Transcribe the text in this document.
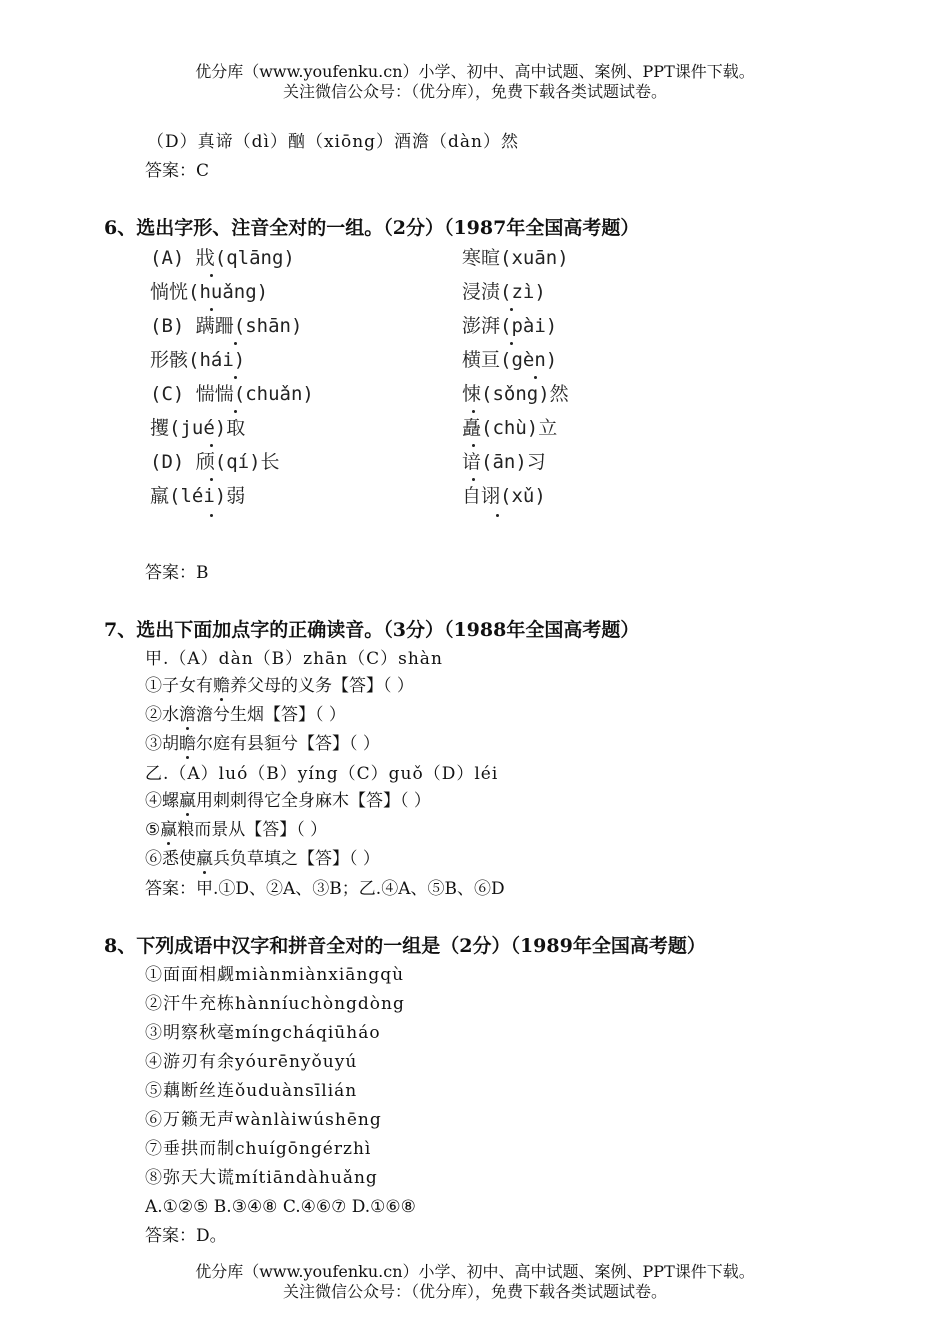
优分库（www.youfenku.cn）小学、初中、高中试题、案例、PPT课件下载。
关注微信公众号：（优分库），免费下载各类试题试卷。
（D）真谛（dì）酗（xiōng）酒澹（dàn）然
答案：C
6、选出字形、注音全对的一组。（2分）（1987年全国高考题）
(A) 戕(qlāng)	寒暄(xuān)
惝恍(huǎng)	浸渍(zì)
(B) 蹒跚(shān)	澎湃(pài)
形骸(hái)	横亘(gèn)
(C) 惴惴(chuǎn)	悚(sǒng)然
攫(jué)取	矗(chù)立
(D) 颀(qí)长	谙(ān)习
羸(léi)弱	自诩(xǔ)
答案：B
7、选出下面加点字的正确读音。（3分）（1988年全国高考题）
甲.（A）dàn（B）zhān（C）shàn
①子女有赡养父母的义务【答】（ ）
②水澹澹兮生烟【答】（ ）
③胡瞻尔庭有县貆兮【答】（ ）
乙.（A）luó（B）yíng（C）guǒ（D）léi
④螺赢用刺刺得它全身麻木【答】（ ）
⑤赢粮而景从【答】（ ）
⑥悉使羸兵负草填之【答】（ ）
答案：甲.①D、②A、③B；乙.④A、⑤B、⑥D
8、下列成语中汉字和拼音全对的一组是（2分）（1989年全国高考题）
①面面相觑miànmiànxiāngqù
②汗牛充栋hànníuchòngdòng
③明察秋毫míngcháqiūháo
④游刃有余yóurēnyǒuyú
⑤藕断丝连ǒuduànsīlián
⑥万籁无声wànlàiwúshēng
⑦垂拱而制chuígōngérzhì
⑧弥天大谎mítiāndàhuǎng
A.①②⑤ B.③④⑧ C.④⑥⑦ D.①⑥⑧
答案：D。
优分库（www.youfenku.cn）小学、初中、高中试题、案例、PPT课件下载。
关注微信公众号：（优分库），免费下载各类试题试卷。
